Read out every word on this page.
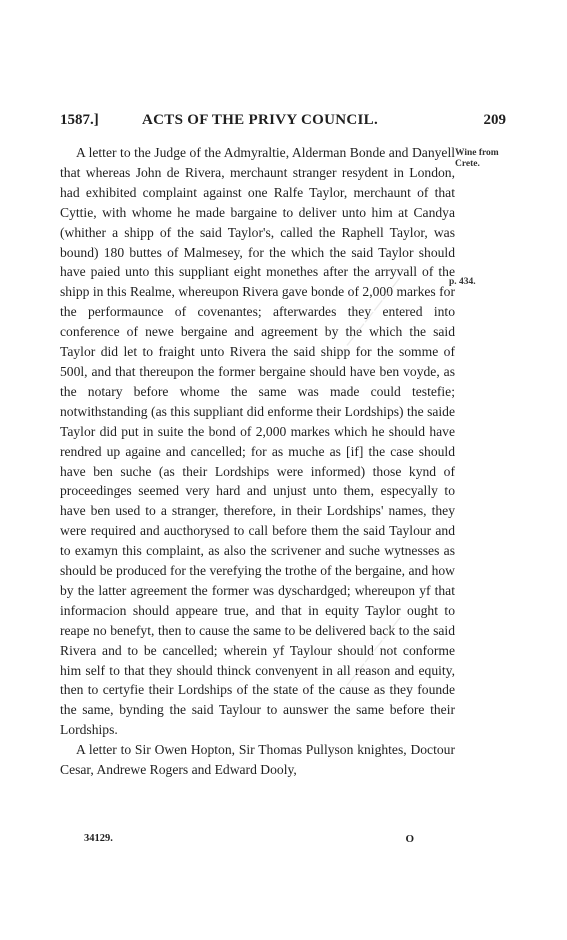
1587.]	ACTS OF THE PRIVY COUNCIL.	209
Wine from Crete.
p. 434.

A letter to the Judge of the Admyraltie, Alderman Bonde and Danyell that whereas John de Rivera, merchaunt stranger resydent in London, had exhibited complaint against one Ralfe Taylor, merchaunt of that Cyttie, with whome he made bargaine to deliver unto him at Candya (whither a shipp of the said Taylor's, called the Raphell Taylor, was bound) 180 buttes of Malmesey, for the which the said Taylor should have paied unto this suppliant eight monethes after the arryvall of the shipp in this Realme, whereupon Rivera gave bonde of 2,000 markes for the performaunce of covenantes; afterwardes they entered into conference of newe bergaine and agreement by the which the said Taylor did let to fraight unto Rivera the said shipp for the somme of 500l, and that thereupon the former bergaine should have ben voyde, as the notary before whome the same was made could testefie; notwithstanding (as this suppliant did enforme their Lordships) the saide Taylor did put in suite the bond of 2,000 markes which he should have rendred up againe and cancelled; for as muche as [if] the case should have ben suche (as their Lordships were informed) those kynd of proceedinges seemed very hard and unjust unto them, especyally to have ben used to a stranger, therefore, in their Lordships' names, they were required and aucthorysed to call before them the said Taylour and to examyn this complaint, as also the scrivener and suche wytnesses as should be produced for the verefying the trothe of the bergaine, and how by the latter agreement the former was dyschardged; whereupon yf that informacion should appeare true, and that in equity Taylor ought to reape no benefyt, then to cause the same to be delivered back to the said Rivera and to be cancelled; wherein yf Taylour should not conforme him self to that they should thinck convenyent in all reason and equity, then to certyfie their Lordships of the state of the cause as they founde the same, bynding the said Taylour to aunswer the same before their Lordships.

A letter to Sir Owen Hopton, Sir Thomas Pullyson knightes, Doctour Cesar, Andrewe Rogers and Edward Dooly,

34129.	O
──────
──────
